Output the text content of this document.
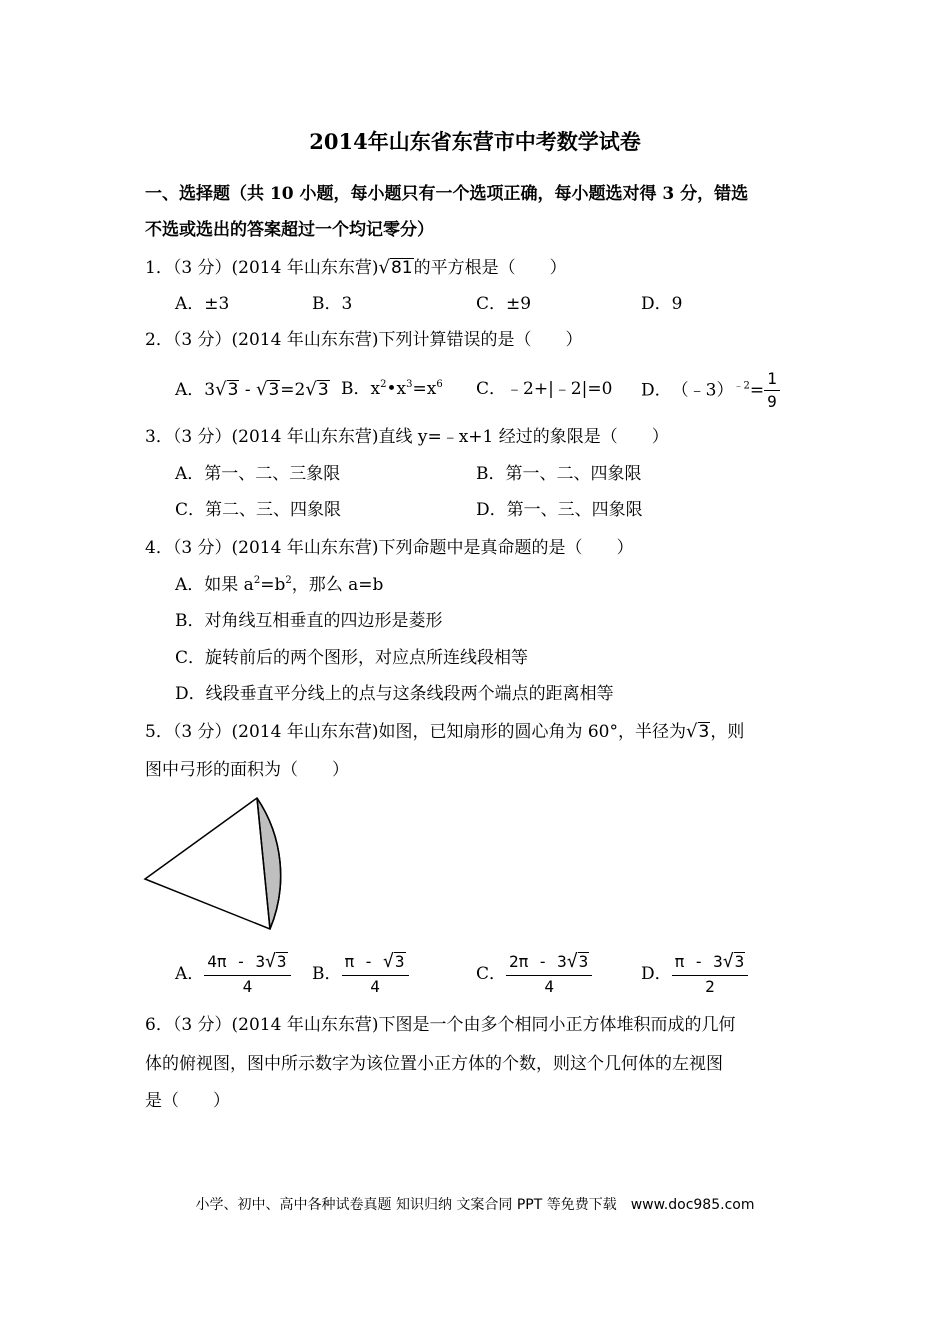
2014年山东省东营市中考数学试卷
一、选择题（共 10 小题，每小题只有一个选项正确，每小题选对得 3 分，错选
不选或选出的答案超过一个均记零分）
1．（3 分）(2014 年山东东营)√81的平方根是（　　）
A．±3	B．3	C．±9	D．9
2．（3 分）(2014 年山东东营)下列计算错误的是（　　）
A．3√3 - √3=2√3 B．$x^2•x^3=x^6$ C．﹣2+|﹣2|=0 D．　 （﹣3）$^{﹣2}$= $\frac{1}{9}$
3．（3 分）(2014 年山东东营)直线 y=﹣x+1 经过的象限是（　　）
A．第一、二、三象限	B．第一、二、四象限
C．第二、三、四象限	D．第一、三、四象限
4．（3 分）(2014 年山东东营)下列命题中是真命题的是（　　）
A．如果 $a^2=b^2$，那么 a=b
B．对角线互相垂直的四边形是菱形
C．旋转前后的两个图形，对应点所连线段相等
D．线段垂直平分线上的点与这条线段两个端点的距离相等
5．（3 分）(2014 年山东东营)如图，已知扇形的圆心角为 60°，半径为√3，则
图中弓形的面积为（　　）
A． $\frac{4\pi - 3√3}{4}$ B． $\frac{\pi - √3}{4}$	C． $\frac{2\pi - 3√3}{4}$	D． $\frac{\pi - 3√3}{2}$
6．（3 分）(2014 年山东东营)下图是一个由多个相同小正方体堆积而成的几何
体的俯视图，图中所示数字为该位置小正方体的个数，则这个几何体的左视图
是（　　）
小学、初中、高中各种试卷真题 知识归纳 文案合同 PPT 等免费下载　www.doc985.com
